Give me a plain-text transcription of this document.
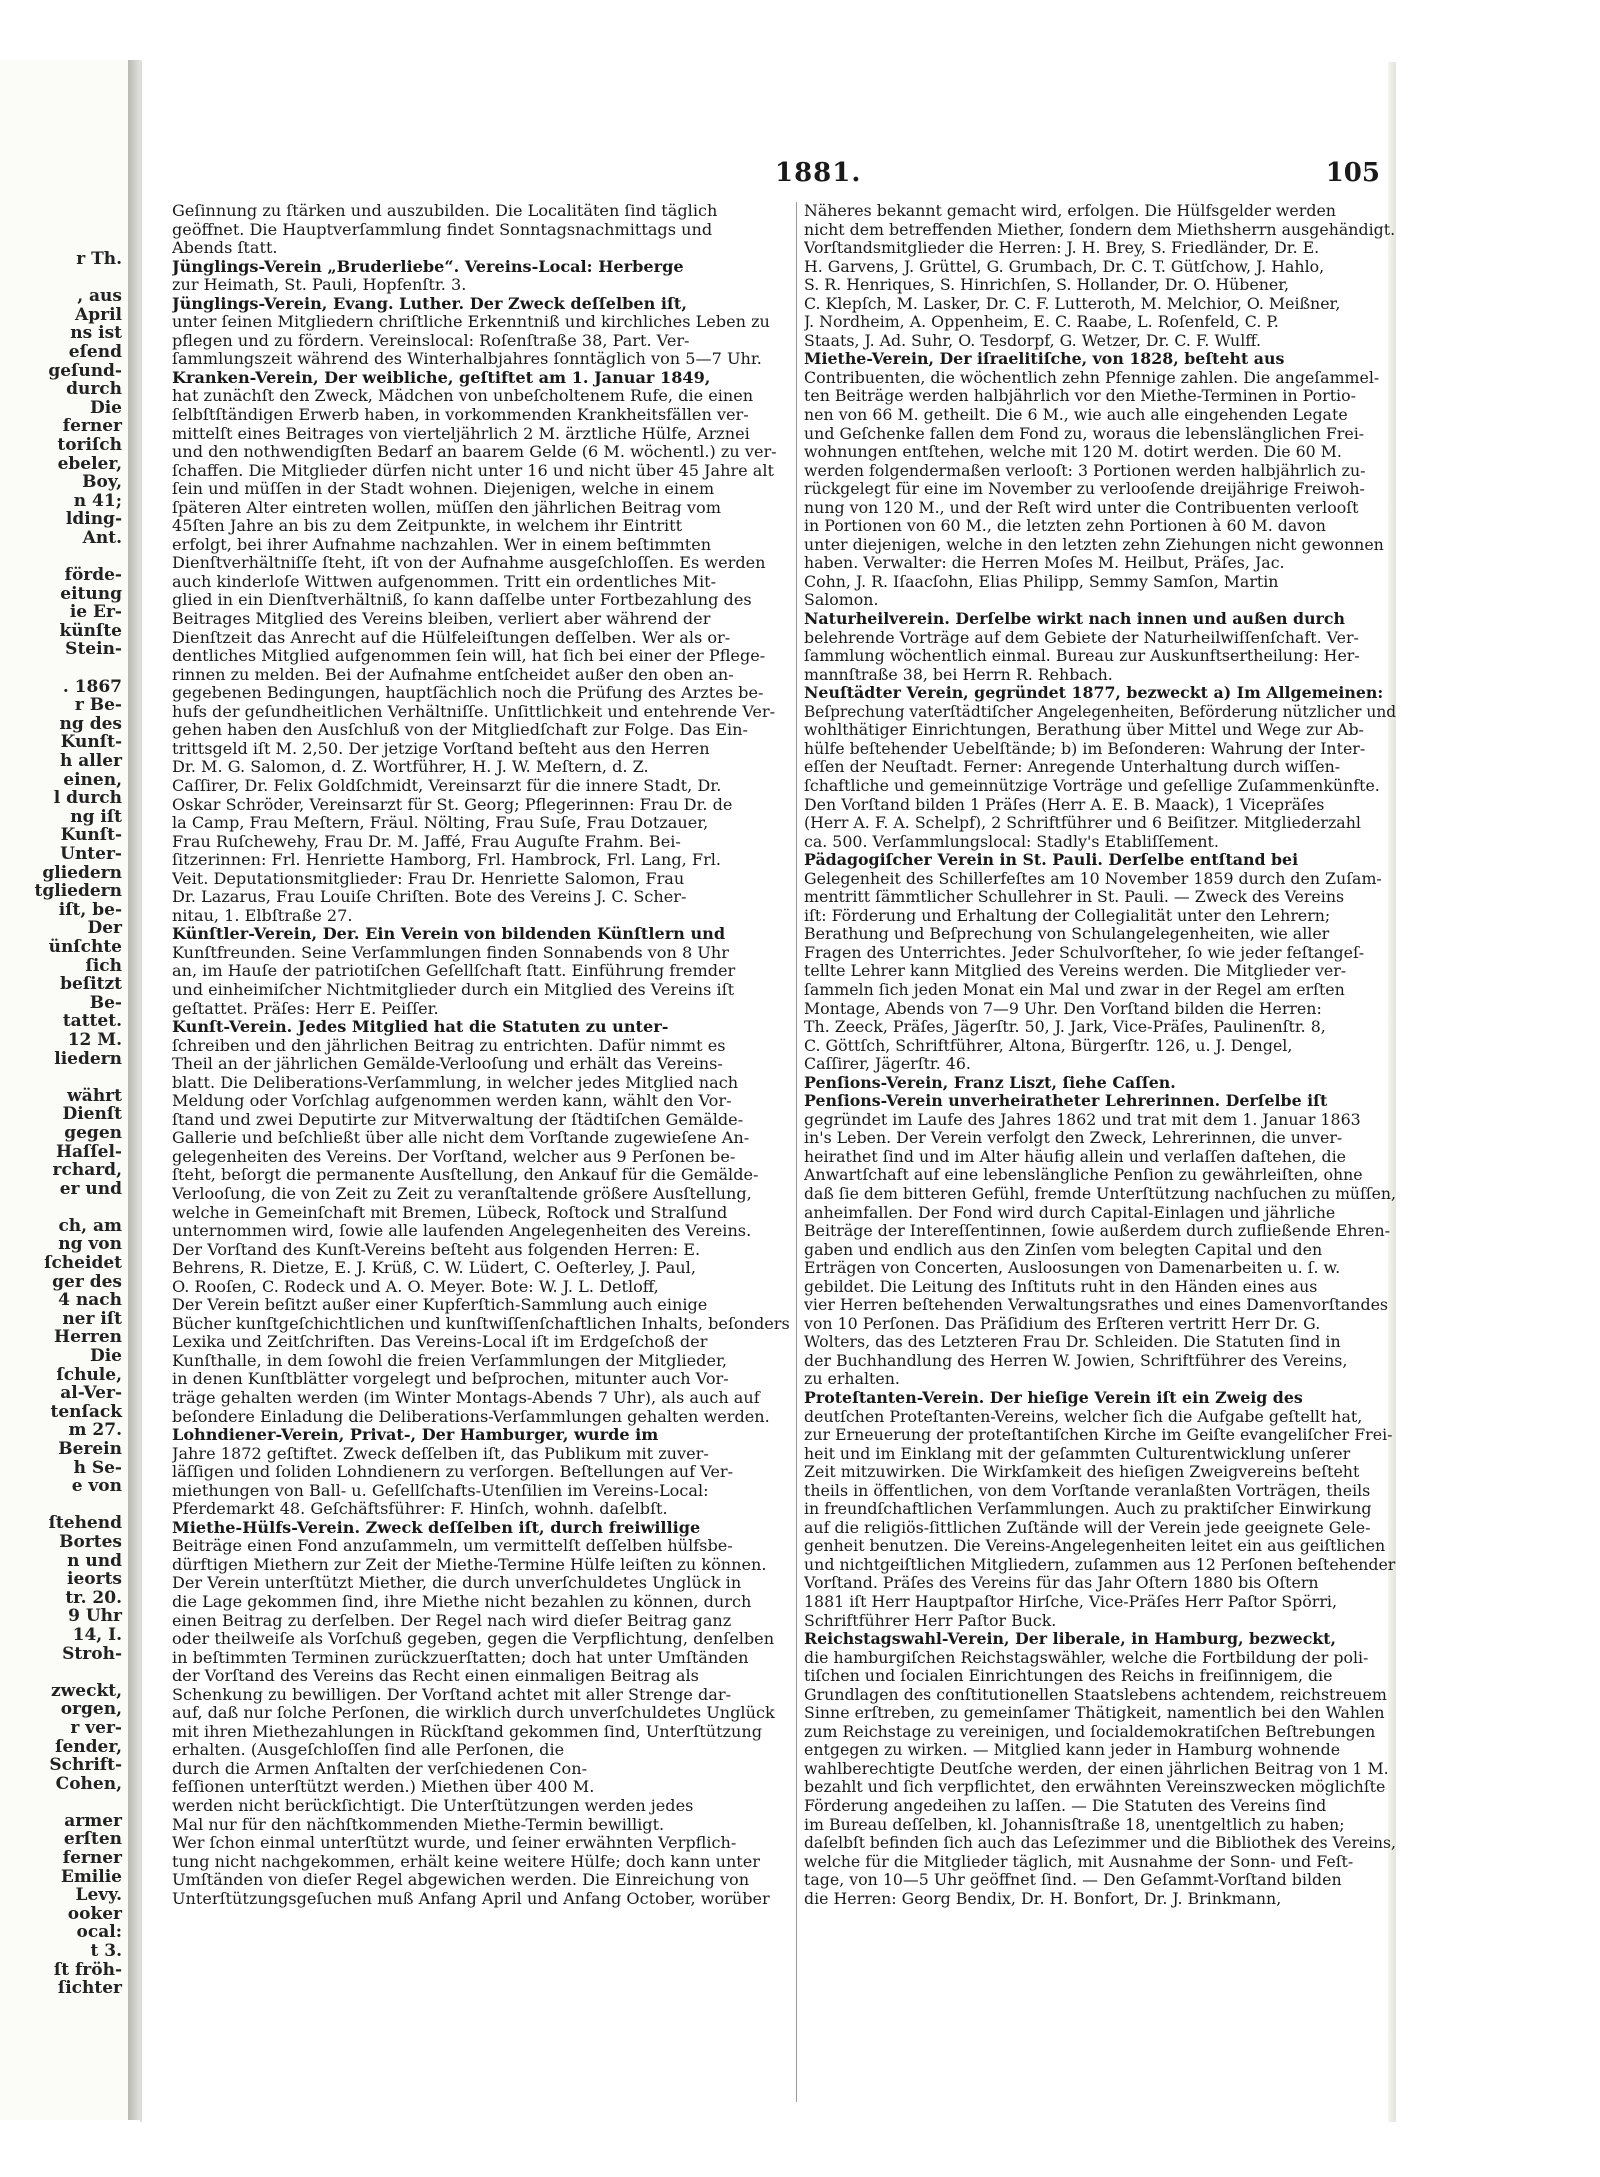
r Th.

, aus
April
ns ist
eſend
geſund-
durch
Die
ferner
toriſch
ebeler,
Boy,
n 41;
lding-
Ant.

förde-
eitung
ie Er-
künſte
Stein-

. 1867
r Be-
ng des
Kunſt-
h aller
einen,
l durch
ng iſt
Kunſt-
Unter-
gliedern
tgliedern
iſt, be-
Der
ünſchte
ſich
beſitzt
Be-
tattet.
12 M.
liedern

währt
Dienſt
gegen
Haſſel-
rchard,
er und

ch, am
ng von
ſcheidet
ger des
4 nach
ner iſt
Herren
Die
ſchule,
al-Ver-
tenſack
m 27.
Berein
h Se-
e von

ſtehend
Bortes
n und
ieorts
tr. 20.
9 Uhr
14, I.
Stroh-

zweckt,
orgen,
r ver-
ſender,
Schrift-
Cohen,

armer
erſten
ferner
Emilie
Levy.
ooker
ocal:
t 3.
ſt fröh-
ſichter
1881.	105
Geſinnung zu ſtärken und auszubilden. Die Localitäten ſind täglich
geöffnet. Die Hauptverſammlung findet Sonntagsnachmittags und
Abends ſtatt.
Jünglings-Verein „Bruderliebe“. Vereins-Local: Herberge
zur Heimath, St. Pauli, Hopfenſtr. 3.
Jünglings-Verein, Evang. Luther. Der Zweck deſſelben iſt,
unter ſeinen Mitgliedern chriſtliche Erkenntniß und kirchliches Leben zu
pflegen und zu fördern. Vereinslocal: Roſenſtraße 38, Part. Ver-
ſammlungszeit während des Winterhalbjahres ſonntäglich von 5—7 Uhr.
Kranken-Verein, Der weibliche, geſtiftet am 1. Januar 1849,
hat zunächſt den Zweck, Mädchen von unbeſcholtenem Rufe, die einen
ſelbſtſtändigen Erwerb haben, in vorkommenden Krankheitsfällen ver-
mittelſt eines Beitrages von vierteljährlich 2 M. ärztliche Hülfe, Arznei
und den nothwendigſten Bedarf an baarem Gelde (6 M. wöchentl.) zu ver-
ſchaffen. Die Mitglieder dürfen nicht unter 16 und nicht über 45 Jahre alt
ſein und müſſen in der Stadt wohnen. Diejenigen, welche in einem
ſpäteren Alter eintreten wollen, müſſen den jährlichen Beitrag vom
45ſten Jahre an bis zu dem Zeitpunkte, in welchem ihr Eintritt
erfolgt, bei ihrer Aufnahme nachzahlen. Wer in einem beſtimmten
Dienſtverhältniſſe ſteht, iſt von der Aufnahme ausgeſchloſſen. Es werden
auch kinderloſe Wittwen aufgenommen. Tritt ein ordentliches Mit-
glied in ein Dienſtverhältniß, ſo kann daſſelbe unter Fortbezahlung des
Beitrages Mitglied des Vereins bleiben, verliert aber während der
Dienſtzeit das Anrecht auf die Hülfeleiſtungen deſſelben. Wer als or-
dentliches Mitglied aufgenommen ſein will, hat ſich bei einer der Pflege-
rinnen zu melden. Bei der Aufnahme entſcheidet außer den oben an-
gegebenen Bedingungen, hauptſächlich noch die Prüfung des Arztes be-
hufs der geſundheitlichen Verhältniſſe. Unſittlichkeit und entehrende Ver-
gehen haben den Ausſchluß von der Mitgliedſchaft zur Folge. Das Ein-
trittsgeld iſt M. 2,50. Der jetzige Vorſtand beſteht aus den Herren
Dr. M. G. Salomon, d. Z. Wortführer, H. J. W. Meſtern, d. Z.
Caſſirer, Dr. Felix Goldſchmidt, Vereinsarzt für die innere Stadt, Dr.
Oskar Schröder, Vereinsarzt für St. Georg; Pflegerinnen: Frau Dr. de
la Camp, Frau Meſtern, Fräul. Nölting, Frau Suſe, Frau Dotzauer,
Frau Ruſchewehy, Frau Dr. M. Jaffé, Frau Auguſte Frahm. Bei-
ſitzerinnen: Frl. Henriette Hamborg, Frl. Hambrock, Frl. Lang, Frl.
Veit. Deputationsmitglieder: Frau Dr. Henriette Salomon, Frau
Dr. Lazarus, Frau Louiſe Chriſten. Bote des Vereins J. C. Scher-
nitau, 1. Elbſtraße 27.
Künſtler-Verein, Der. Ein Verein von bildenden Künſtlern und
Kunſtfreunden. Seine Verſammlungen finden Sonnabends von 8 Uhr
an, im Hauſe der patriotiſchen Geſellſchaft ſtatt. Einführung fremder
und einheimiſcher Nichtmitglieder durch ein Mitglied des Vereins iſt
geſtattet. Präſes: Herr E. Peiſſer.
Kunſt-Verein. Jedes Mitglied hat die Statuten zu unter-
ſchreiben und den jährlichen Beitrag zu entrichten. Dafür nimmt es
Theil an der jährlichen Gemälde-Verlooſung und erhält das Vereins-
blatt. Die Deliberations-Verſammlung, in welcher jedes Mitglied nach
Meldung oder Vorſchlag aufgenommen werden kann, wählt den Vor-
ſtand und zwei Deputirte zur Mitverwaltung der ſtädtiſchen Gemälde-
Gallerie und beſchließt über alle nicht dem Vorſtande zugewieſene An-
gelegenheiten des Vereins. Der Vorſtand, welcher aus 9 Perſonen be-
ſteht, beſorgt die permanente Ausſtellung, den Ankauf für die Gemälde-
Verlooſung, die von Zeit zu Zeit zu veranſtaltende größere Ausſtellung,
welche in Gemeinſchaft mit Bremen, Lübeck, Roſtock und Stralſund
unternommen wird, ſowie alle laufenden Angelegenheiten des Vereins.
Der Vorſtand des Kunſt-Vereins beſteht aus folgenden Herren: E.
Behrens, R. Dietze, E. J. Krüß, C. W. Lüdert, C. Oeſterley, J. Paul,
O. Rooſen, C. Rodeck und A. O. Meyer. Bote: W. J. L. Detloff,
Der Verein beſitzt außer einer Kupferſtich-Sammlung auch einige
Bücher kunſtgeſchichtlichen und kunſtwiſſenſchaftlichen Inhalts, beſonders
Lexika und Zeitſchriften. Das Vereins-Local iſt im Erdgeſchoß der
Kunſthalle, in dem ſowohl die freien Verſammlungen der Mitglieder,
in denen Kunſtblätter vorgelegt und beſprochen, mitunter auch Vor-
träge gehalten werden (im Winter Montags-Abends 7 Uhr), als auch auf
beſondere Einladung die Deliberations-Verſammlungen gehalten werden.
Lohndiener-Verein, Privat-, Der Hamburger, wurde im
Jahre 1872 geſtiftet. Zweck deſſelben iſt, das Publikum mit zuver-
läſſigen und ſoliden Lohndienern zu verſorgen. Beſtellungen auf Ver-
miethungen von Ball- u. Geſellſchafts-Utenſilien im Vereins-Local:
Pferdemarkt 48. Geſchäftsführer: F. Hinſch, wohnh. daſelbſt.
Miethe-Hülfs-Verein. Zweck deſſelben iſt, durch freiwillige
Beiträge einen Fond anzuſammeln, um vermittelſt deſſelben hülfsbe-
dürftigen Miethern zur Zeit der Miethe-Termine Hülfe leiſten zu können.
Der Verein unterſtützt Miether, die durch unverſchuldetes Unglück in
die Lage gekommen ſind, ihre Miethe nicht bezahlen zu können, durch
einen Beitrag zu derſelben. Der Regel nach wird dieſer Beitrag ganz
oder theilweiſe als Vorſchuß gegeben, gegen die Verpflichtung, denſelben
in beſtimmten Terminen zurückzuerſtatten; doch hat unter Umſtänden
der Vorſtand des Vereins das Recht einen einmaligen Beitrag als
Schenkung zu bewilligen. Der Vorſtand achtet mit aller Strenge dar-
auf, daß nur ſolche Perſonen, die wirklich durch unverſchuldetes Unglück
mit ihren Miethezahlungen in Rückſtand gekommen ſind, Unterſtützung
erhalten. (Ausgeſchloſſen ſind alle Perſonen, die
durch die Armen Anſtalten der verſchiedenen Con-
feſſionen unterſtützt werden.) Miethen über 400 M.
werden nicht berückſichtigt. Die Unterſtützungen werden jedes
Mal nur für den nächſtkommenden Miethe-Termin bewilligt.
Wer ſchon einmal unterſtützt wurde, und ſeiner erwähnten Verpflich-
tung nicht nachgekommen, erhält keine weitere Hülfe; doch kann unter
Umſtänden von dieſer Regel abgewichen werden. Die Einreichung von
Unterſtützungsgeſuchen muß Anfang April und Anfang October, worüber
Näheres bekannt gemacht wird, erfolgen. Die Hülfsgelder werden
nicht dem betreffenden Miether, ſondern dem Miethsherrn ausgehändigt.
Vorſtandsmitglieder die Herren: J. H. Brey, S. Friedländer, Dr. E.
H. Garvens, J. Grüttel, G. Grumbach, Dr. C. T. Gütſchow, J. Hahlo,
S. R. Henriques, S. Hinrichſen, S. Hollander, Dr. O. Hübener,
C. Klepſch, M. Lasker, Dr. C. F. Lutteroth, M. Melchior, O. Meißner,
J. Nordheim, A. Oppenheim, E. C. Raabe, L. Roſenfeld, C. P.
Staats, J. Ad. Suhr, O. Tesdorpf, G. Wetzer, Dr. C. F. Wulff.
Miethe-Verein, Der iſraelitiſche, von 1828, beſteht aus
Contribuenten, die wöchentlich zehn Pfennige zahlen. Die angeſammel-
ten Beiträge werden halbjährlich vor den Miethe-Terminen in Portio-
nen von 66 M. getheilt. Die 6 M., wie auch alle eingehenden Legate
und Geſchenke fallen dem Fond zu, woraus die lebenslänglichen Frei-
wohnungen entſtehen, welche mit 120 M. dotirt werden. Die 60 M.
werden folgendermaßen verlooſt: 3 Portionen werden halbjährlich zu-
rückgelegt für eine im November zu verlooſende dreijährige Freiwoh-
nung von 120 M., und der Reſt wird unter die Contribuenten verlooſt
in Portionen von 60 M., die letzten zehn Portionen à 60 M. davon
unter diejenigen, welche in den letzten zehn Ziehungen nicht gewonnen
haben. Verwalter: die Herren Moſes M. Heilbut, Präſes, Jac.
Cohn, J. R. Iſaacſohn, Elias Philipp, Semmy Samſon, Martin
Salomon.
Naturheilverein. Derſelbe wirkt nach innen und außen durch
belehrende Vorträge auf dem Gebiete der Naturheilwiſſenſchaft. Ver-
ſammlung wöchentlich einmal. Bureau zur Auskunftsertheilung: Her-
mannſtraße 38, bei Herrn R. Rehbach.
Neuſtädter Verein, gegründet 1877, bezweckt a) Im Allgemeinen:
Beſprechung vaterſtädtiſcher Angelegenheiten, Beförderung nützlicher und
wohlthätiger Einrichtungen, Berathung über Mittel und Wege zur Ab-
hülfe beſtehender Uebelſtände; b) im Beſonderen: Wahrung der Inter-
eſſen der Neuſtadt. Ferner: Anregende Unterhaltung durch wiſſen-
ſchaftliche und gemeinnützige Vorträge und geſellige Zuſammenkünfte.
Den Vorſtand bilden 1 Präſes (Herr A. E. B. Maack), 1 Vicepräſes
(Herr A. F. A. Schelpf), 2 Schriftführer und 6 Beiſitzer. Mitgliederzahl
ca. 500. Verſammlungslocal: Stadly's Etabliſſement.
Pädagogiſcher Verein in St. Pauli. Derſelbe entſtand bei
Gelegenheit des Schillerfeſtes am 10 November 1859 durch den Zuſam-
mentritt ſämmtlicher Schullehrer in St. Pauli. — Zweck des Vereins
iſt: Förderung und Erhaltung der Collegialität unter den Lehrern;
Berathung und Beſprechung von Schulangelegenheiten, wie aller
Fragen des Unterrichtes. Jeder Schulvorſteher, ſo wie jeder feſtangeſ-
tellte Lehrer kann Mitglied des Vereins werden. Die Mitglieder ver-
ſammeln ſich jeden Monat ein Mal und zwar in der Regel am erſten
Montage, Abends von 7—9 Uhr. Den Vorſtand bilden die Herren:
Th. Zeeck, Präſes, Jägerſtr. 50, J. Jark, Vice-Präſes, Paulinenſtr. 8,
C. Göttſch, Schriftführer, Altona, Bürgerſtr. 126, u. J. Dengel,
Caſſirer, Jägerſtr. 46.
Penſions-Verein, Franz Liszt, ſiehe Caſſen.
Penſions-Verein unverheiratheter Lehrerinnen. Derſelbe iſt
gegründet im Laufe des Jahres 1862 und trat mit dem 1. Januar 1863
in's Leben. Der Verein verfolgt den Zweck, Lehrerinnen, die unver-
heirathet ſind und im Alter häufig allein und verlaſſen daſtehen, die
Anwartſchaft auf eine lebenslängliche Penſion zu gewährleiſten, ohne
daß ſie dem bitteren Gefühl, fremde Unterſtützung nachſuchen zu müſſen,
anheimfallen. Der Fond wird durch Capital-Einlagen und jährliche
Beiträge der Intereſſentinnen, ſowie außerdem durch zufließende Ehren-
gaben und endlich aus den Zinſen vom belegten Capital und den
Erträgen von Concerten, Ausloosungen von Damenarbeiten u. ſ. w.
gebildet. Die Leitung des Inſtituts ruht in den Händen eines aus
vier Herren beſtehenden Verwaltungsrathes und eines Damenvorſtandes
von 10 Perſonen. Das Präſidium des Erſteren vertritt Herr Dr. G.
Wolters, das des Letzteren Frau Dr. Schleiden. Die Statuten ſind in
der Buchhandlung des Herren W. Jowien, Schriftführer des Vereins,
zu erhalten.
Proteſtanten-Verein. Der hieſige Verein iſt ein Zweig des
deutſchen Proteſtanten-Vereins, welcher ſich die Aufgabe geſtellt hat,
zur Erneuerung der proteſtantiſchen Kirche im Geiſte evangeliſcher Frei-
heit und im Einklang mit der geſammten Culturentwicklung unſerer
Zeit mitzuwirken. Die Wirkſamkeit des hieſigen Zweigvereins beſteht
theils in öffentlichen, von dem Vorſtande veranlaßten Vorträgen, theils
in freundſchaftlichen Verſammlungen. Auch zu praktiſcher Einwirkung
auf die religiös-ſittlichen Zuſtände will der Verein jede geeignete Gele-
genheit benutzen. Die Vereins-Angelegenheiten leitet ein aus geiſtlichen
und nichtgeiſtlichen Mitgliedern, zuſammen aus 12 Perſonen beſtehender
Vorſtand. Präſes des Vereins für das Jahr Oſtern 1880 bis Oſtern
1881 iſt Herr Hauptpaſtor Hirſche, Vice-Präſes Herr Paſtor Spörri,
Schriftführer Herr Paſtor Buck.
Reichstagswahl-Verein, Der liberale, in Hamburg, bezweckt,
die hamburgiſchen Reichstagswähler, welche die Fortbildung der poli-
tiſchen und ſocialen Einrichtungen des Reichs in freiſinnigem, die
Grundlagen des conſtitutionellen Staatslebens achtendem, reichstreuem
Sinne erſtreben, zu gemeinſamer Thätigkeit, namentlich bei den Wahlen
zum Reichstage zu vereinigen, und ſocialdemokratiſchen Beſtrebungen
entgegen zu wirken. — Mitglied kann jeder in Hamburg wohnende
wahlberechtigte Deutſche werden, der einen jährlichen Beitrag von 1 M.
bezahlt und ſich verpflichtet, den erwähnten Vereinszwecken möglichſte
Förderung angedeihen zu laſſen. — Die Statuten des Vereins ſind
im Bureau deſſelben, kl. Johannisſtraße 18, unentgeltlich zu haben;
daſelbſt befinden ſich auch das Leſezimmer und die Bibliothek des Vereins,
welche für die Mitglieder täglich, mit Ausnahme der Sonn- und Feſt-
tage, von 10—5 Uhr geöffnet ſind. — Den Geſammt-Vorſtand bilden
die Herren: Georg Bendix, Dr. H. Bonfort, Dr. J. Brinkmann,
